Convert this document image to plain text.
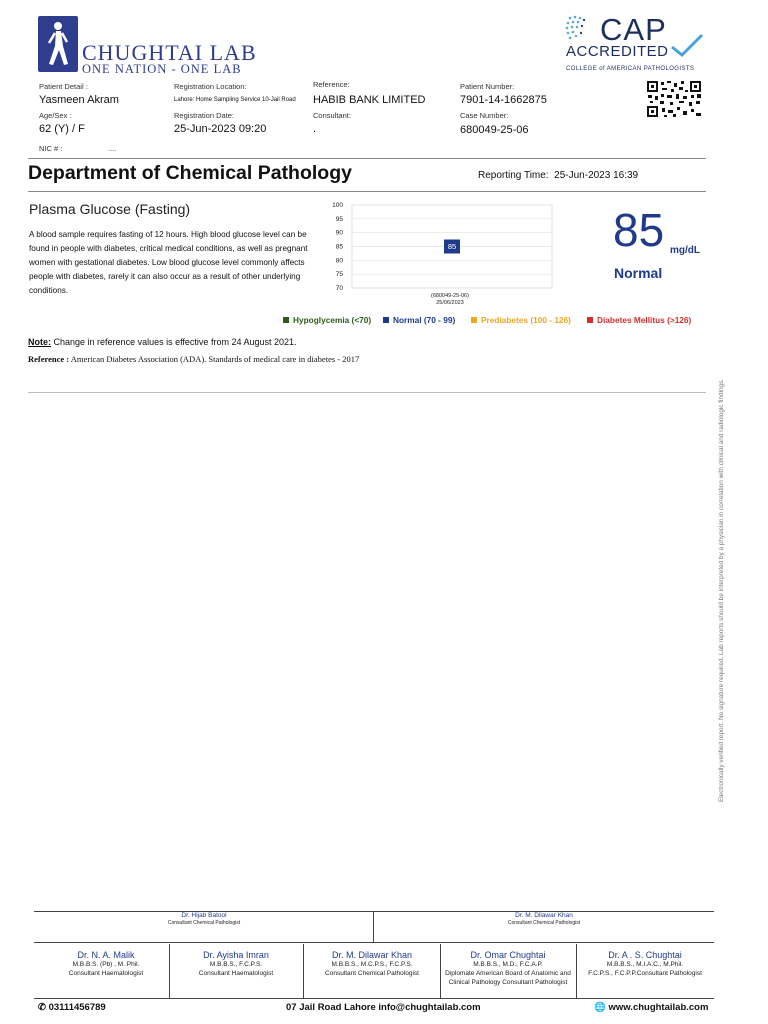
CHUGHTAI LAB
ONE NATION - ONE LAB
CAP
ACCREDITED
COLLEGE of AMERICAN PATHOLOGISTS
Patient Detail :
Yasmeen Akram
Age/Sex :
62 (Y) / F
NIC # :	....
Registration Location:
Lahore: Home Sampling Service 10-Jail Road
Registration Date:
25-Jun-2023 09:20
Reference:
HABIB BANK LIMITED
Consultant:
.
Patient Number:
7901-14-1662875
Case Number:
680049-25-06
Department of Chemical Pathology	Reporting Time: 25-Jun-2023 16:39
Plasma Glucose (Fasting)
A blood sample requires fasting of 12 hours. High blood glucose level can be found in people with diabetes, critical medical conditions, as well as pregnant women with gestational diabetes. Low blood glucose level commonly affects people with diabetes, rarely it can also occur as a result of other underlying conditions.
100
95
90
85
80
75
70
85
(680049-25-06)
25/06/2023
85 mg/dL
Normal
Hypoglycemia (<70)	Normal (70 - 99)	Prediabetes (100 - 126)	Diabetes Mellitus (>126)
Note: Change in reference values is effective from 24 August 2021.
Reference : American Diabetes Association (ADA). Standards of medical care in diabetes - 2017
Electronically verified report. No signature required. Lab reports should be interpreted by a physician in correlation with clinical and radiologic findings.
Dr. Hijab Batool
Consultant Chemical Pathologist
Dr. M. Dilawar Khan
Consultant Chemical Pathologist
Dr. N. A. Malik
M.B.B.S. (Pb) , M. Phil.
Consultant Haematologist
Dr. Ayisha Imran
M.B.B.S., F.C.P.S.
Consultant Haematologist
Dr. M. Dilawar Khan
M.B.B.S., M.C.P.S., F.C.P.S.
Consultant Chemical Pathologist
Dr. Omar Chughtai
M.B.B.S., M.D., F.C.A.P.
Diplomate American Board of Anatomic and Clinical Pathology Consultant Pathologist
Dr. A . S. Chughtai
M.B.B.S., M.I.A.C., M.Phil.
F.C.P.S., F.C.P.P.Consultant Pathologist
✆ 03111456789	07 Jail Road Lahore info@chughtailab.com	🌐 www.chughtailab.com
